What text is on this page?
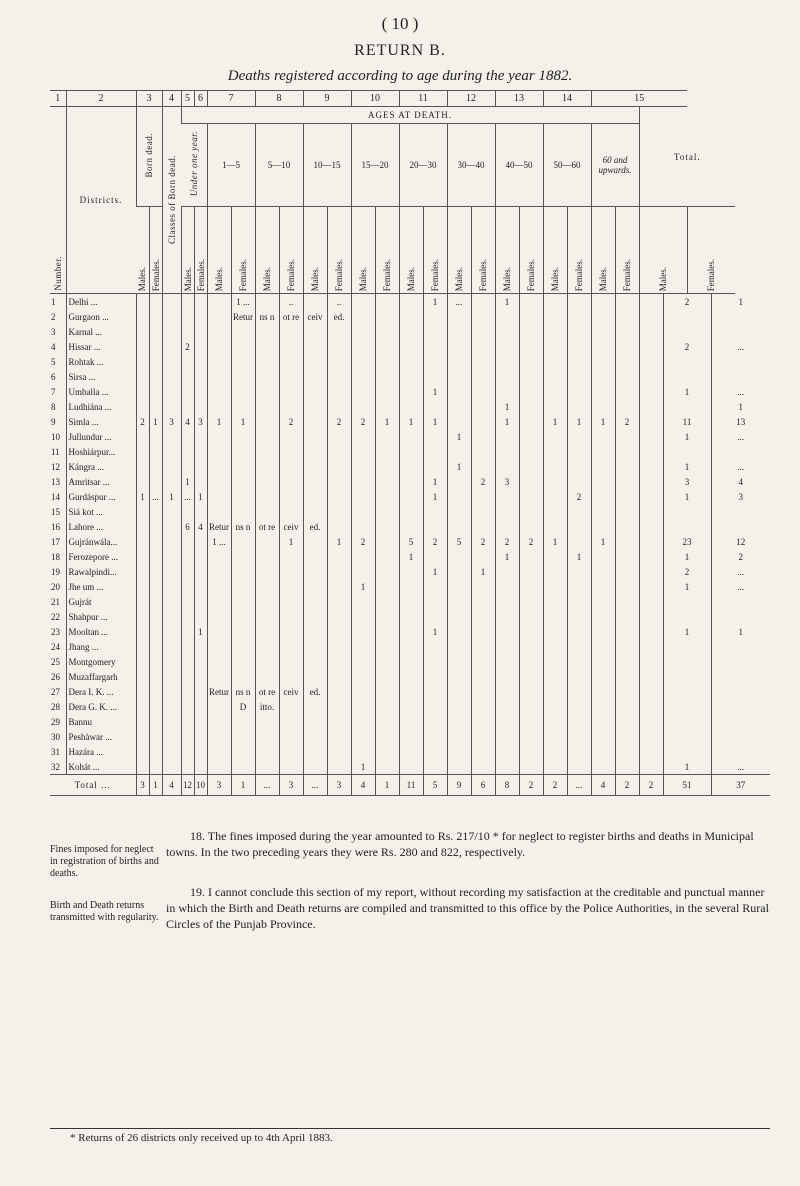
( 10 )
RETURN B.
Deaths registered according to age during the year 1882.
1	2	3		4	5	6	7		8		9		10		11		12		13		14		15					
Number.	Districts.	Born dead.		Classes of Born dead.	AGES AT DEATH.																				Total.			
					Under one year.		1—5		5—10		10—15		15—20		20—30		30—40		40—50		50—60		60 and upwards.					
		Males.	Females.		Males.	Females.	Males.	Females.	Males.	Females.	Males.	Females.	Males.	Females.	Males.	Females.	Males.	Females.	Males.	Females.	Males.	Females.	Males.	Females.	Males.		Females.	
1	Delhi ...							1 ...		..		..				1	...		1							2		1
2	Gurgaon ...							Retur	ns n	ot re	ceiv	ed.																
3	Karnal ...																											
4	Hissar ...				2																					2		...
5	Rohtak ...																											
6	Sirsa ...																											
7	Umballa ...															1										1		...
8	Ludhiána ...																		1									1
9	Simla ...	2	1	3	4	3	1	1		2		2	2	1	1	1			1		1	1	1	2		11		13
10	Jullundur ...																1									1		...
11	Hoshiárpur...																											
12	Kángra ...																1									1		...
13	Amritsar ...				1											1		2	3							3		4
14	Gurdáspur ...	1	...	1	...	1										1						2				1		3
15	Siá kot ...																											
16	Lahore ...				6	4	Retur	ns n	ot re	ceiv	ed.																	
17	Gujránwála...						1 ...			1		1	2		5	2	5	2	2	2	1		1			23		12
18	Ferozepore ...														1				1			1				1		2
19	Rawalpindi...															1		1								2		...
20	Jhe um ...												1													1		...
21	Gujrát																											
22	Shahpur ...																											
23	Mooltan ...					1										1										1		1
24	Jhang ...																											
25	Montgomery																											
26	Muzaffargarh																											
27	Dera I. K. ...						Retur	ns n	ot re	ceiv	ed.																	
28	Dera G. K. ...							D	itto.																			
29	Bannu																											
30	Peshàwar ...																											
31	Hazára ...																											
32	Kohát ...												1													1		...
Total ...		3	1	4	12	10	3	1	...	3	...	3	4	1	11	5	9	6	8	2	2	...	4	2	2	51		37
18. The fines imposed during the year amounted to Rs. 217/10 * for neglect to register births and deaths in Municipal towns. In the two preceding years they were Rs. 280 and 822, respectively.
Fines imposed for neglect in registration of births and deaths.
19. I cannot conclude this section of my report, without recording my satisfaction at the creditable and punctual manner in which the Birth and Death returns are compiled and transmitted to this office by the Police Authorities, in the several Rural Circles of the Punjab Province.
Birth and Death returns transmitted with regularity.
* Returns of 26 districts only received up to 4th April 1883.
